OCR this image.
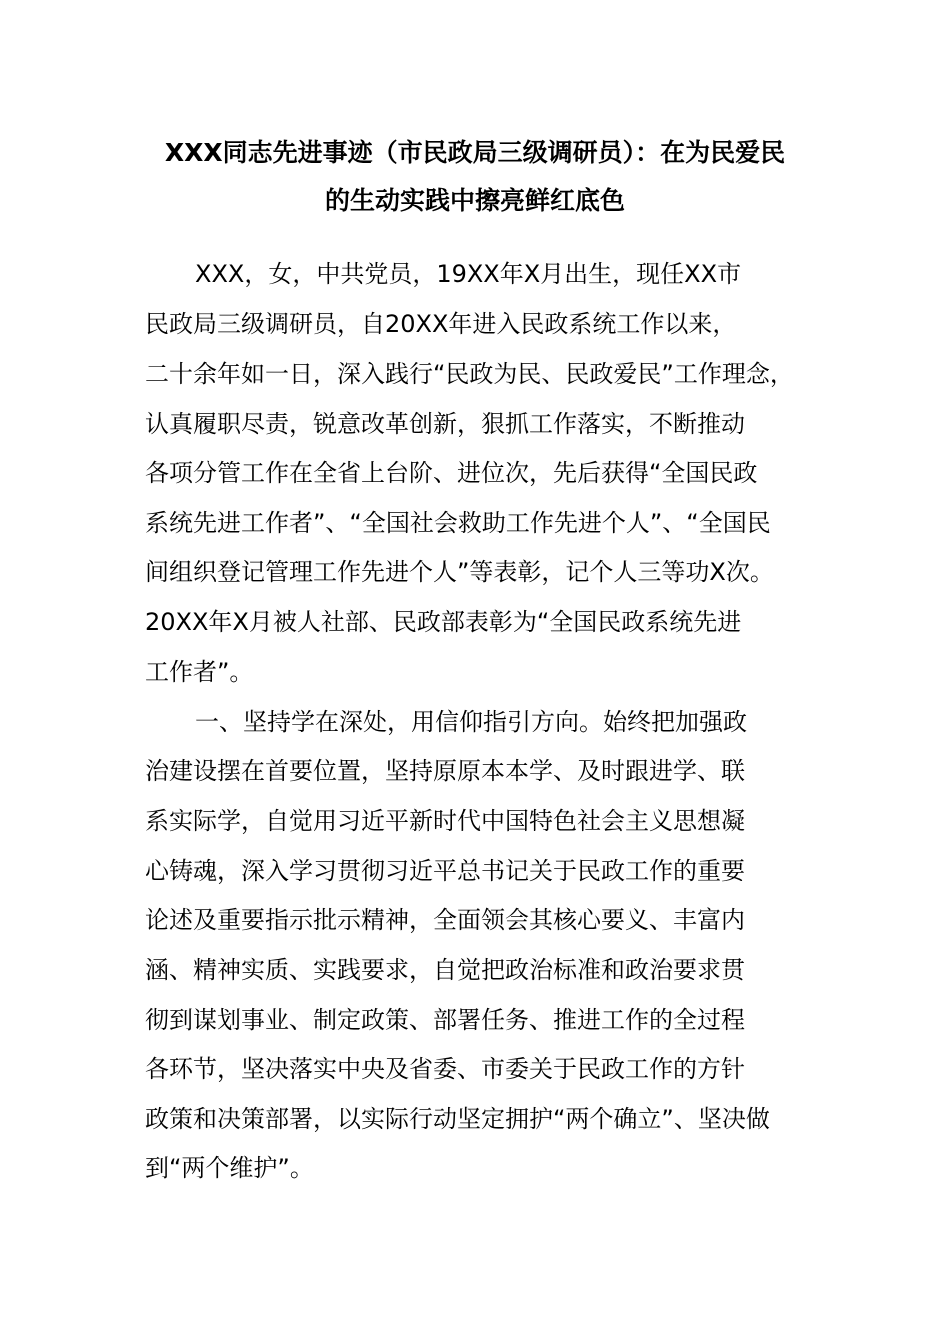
XXX同志先进事迹（市民政局三级调研员）：在为民爱民
的生动实践中擦亮鲜红底色
XXX，女，中共党员，19XX年X月出生，现任XX市
民政局三级调研员，自20XX年进入民政系统工作以来，
二十余年如一日，深入践行“民政为民、民政爱民”工作理念，
认真履职尽责，锐意改革创新，狠抓工作落实，不断推动
各项分管工作在全省上台阶、进位次，先后获得“全国民政
系统先进工作者”、“全国社会救助工作先进个人”、“全国民
间组织登记管理工作先进个人”等表彰，记个人三等功X次。
20XX年X月被人社部、民政部表彰为“全国民政系统先进
工作者”。
一、坚持学在深处，用信仰指引方向。始终把加强政
治建设摆在首要位置，坚持原原本本学、及时跟进学、联
系实际学，自觉用习近平新时代中国特色社会主义思想凝
心铸魂，深入学习贯彻习近平总书记关于民政工作的重要
论述及重要指示批示精神，全面领会其核心要义、丰富内
涵、精神实质、实践要求，自觉把政治标准和政治要求贯
彻到谋划事业、制定政策、部署任务、推进工作的全过程
各环节，坚决落实中央及省委、市委关于民政工作的方针
政策和决策部署，以实际行动坚定拥护“两个确立”、坚决做
到“两个维护”。
